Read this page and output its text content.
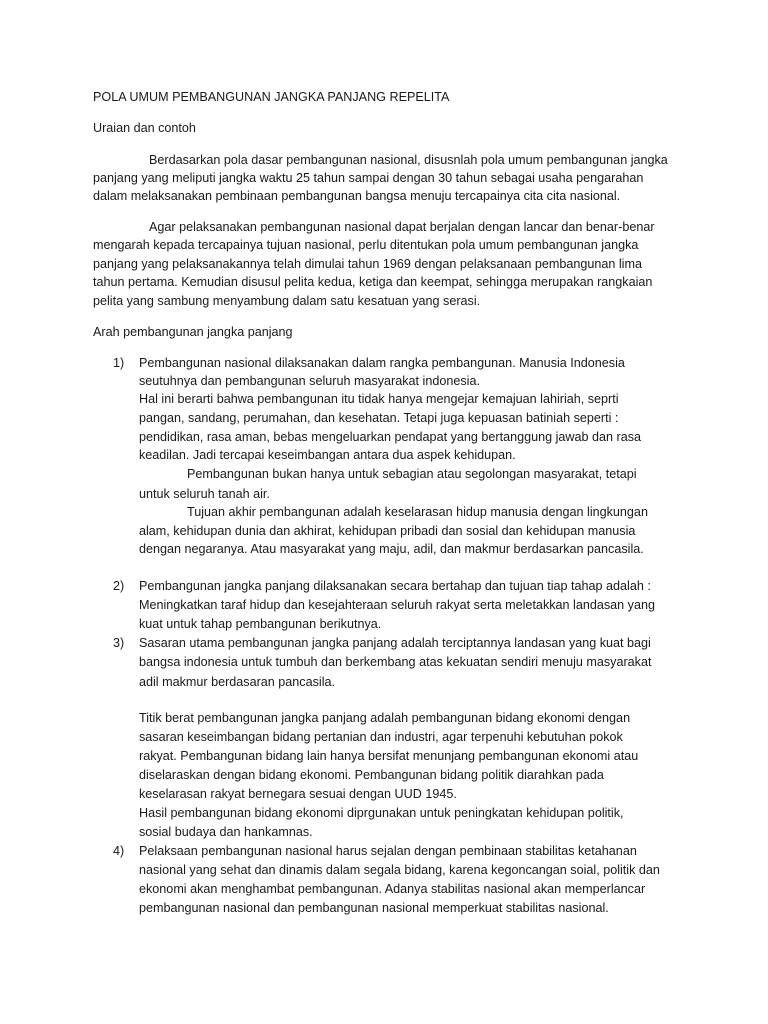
POLA UMUM PEMBANGUNAN JANGKA PANJANG REPELITA
Uraian dan contoh
Berdasarkan pola dasar pembangunan nasional, disusnlah pola umum pembangunan jangka
panjang yang meliputi jangka waktu 25 tahun sampai dengan 30 tahun sebagai usaha pengarahan
dalam melaksanakan pembinaan pembangunan bangsa menuju tercapainya cita cita nasional.
Agar pelaksanakan pembangunan nasional dapat berjalan dengan lancar dan benar-benar
mengarah kepada tercapainya tujuan nasional, perlu ditentukan pola umum pembangunan jangka
panjang yang pelaksanakannya telah dimulai tahun 1969 dengan pelaksanaan pembangunan lima
tahun pertama. Kemudian disusul pelita kedua, ketiga dan keempat, sehingga merupakan rangkaian
pelita yang sambung menyambung dalam satu kesatuan yang serasi.
Arah pembangunan jangka panjang
1) Pembangunan nasional dilaksanakan dalam rangka pembangunan. Manusia Indonesia
seutuhnya dan pembangunan seluruh masyarakat indonesia.
Hal ini berarti bahwa pembangunan itu tidak hanya mengejar kemajuan lahiriah, seprti
pangan, sandang, perumahan, dan kesehatan. Tetapi juga kepuasan batiniah seperti :
pendidikan, rasa aman, bebas mengeluarkan pendapat yang bertanggung jawab dan rasa
keadilan. Jadi tercapai keseimbangan antara dua aspek kehidupan.
Pembangunan bukan hanya untuk sebagian atau segolongan masyarakat, tetapi
untuk seluruh tanah air.
Tujuan akhir pembangunan adalah keselarasan hidup manusia dengan lingkungan
alam, kehidupan dunia dan akhirat, kehidupan pribadi dan sosial dan kehidupan manusia
dengan negaranya. Atau masyarakat yang maju, adil, dan makmur berdasarkan pancasila.
2) Pembangunan jangka panjang dilaksanakan secara bertahap dan tujuan tiap tahap adalah :
Meningkatkan taraf hidup dan kesejahteraan seluruh rakyat serta meletakkan landasan yang
kuat untuk tahap pembangunan berikutnya.
3) Sasaran utama pembangunan jangka panjang adalah terciptannya landasan yang kuat bagi
bangsa indonesia untuk tumbuh dan berkembang atas kekuatan sendiri menuju masyarakat
adil makmur berdasaran pancasila.
Titik berat pembangunan jangka panjang adalah pembangunan bidang ekonomi dengan
sasaran keseimbangan bidang pertanian dan industri, agar terpenuhi kebutuhan pokok
rakyat. Pembangunan bidang lain hanya bersifat menunjang pembangunan ekonomi atau
diselaraskan dengan bidang ekonomi. Pembangunan bidang politik diarahkan pada
keselarasan rakyat bernegara sesuai dengan UUD 1945.
Hasil pembangunan bidang ekonomi diprgunakan untuk peningkatan kehidupan politik,
sosial budaya dan hankamnas.
4) Pelaksaan pembangunan nasional harus sejalan dengan pembinaan stabilitas ketahanan
nasional yang sehat dan dinamis dalam segala bidang, karena kegoncangan soial, politik dan
ekonomi akan menghambat pembangunan. Adanya stabilitas nasional akan memperlancar
pembangunan nasional dan pembangunan nasional memperkuat stabilitas nasional.
